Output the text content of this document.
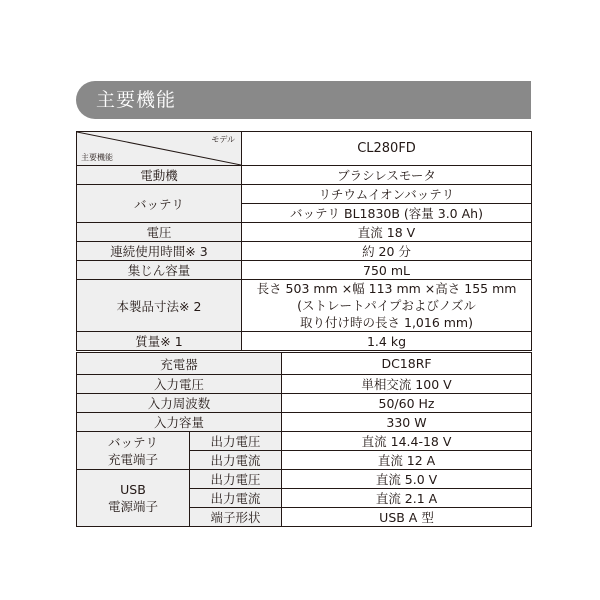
主要機能
モデル
主要機能	CL280FD
電動機	ブラシレスモータ
バッテリ	リチウムイオンバッテリ
	バッテリ BL1830B (容量 3.0 Ah)
電圧	直流 18 V
連続使用時間※ 3	約 20 分
集じん容量	750 mL
本製品寸法※ 2	長さ 503 mm ×幅 113 mm ×高さ 155 mm
(ストレートパイプおよびノズル
取り付け時の長さ 1,016 mm)

質量※ 1	1.4 kg
充電器		DC18RF
入力電圧		単相交流 100 V
入力周波数		50/60 Hz
入力容量		330 W

バッテリ
充電端子	出力電圧	直流 14.4-18 V
	出力電流	直流 12 A

USB
電源端子	出力電圧	直流 5.0 V
	出力電流	直流 2.1 A
	端子形状	USB A 型
